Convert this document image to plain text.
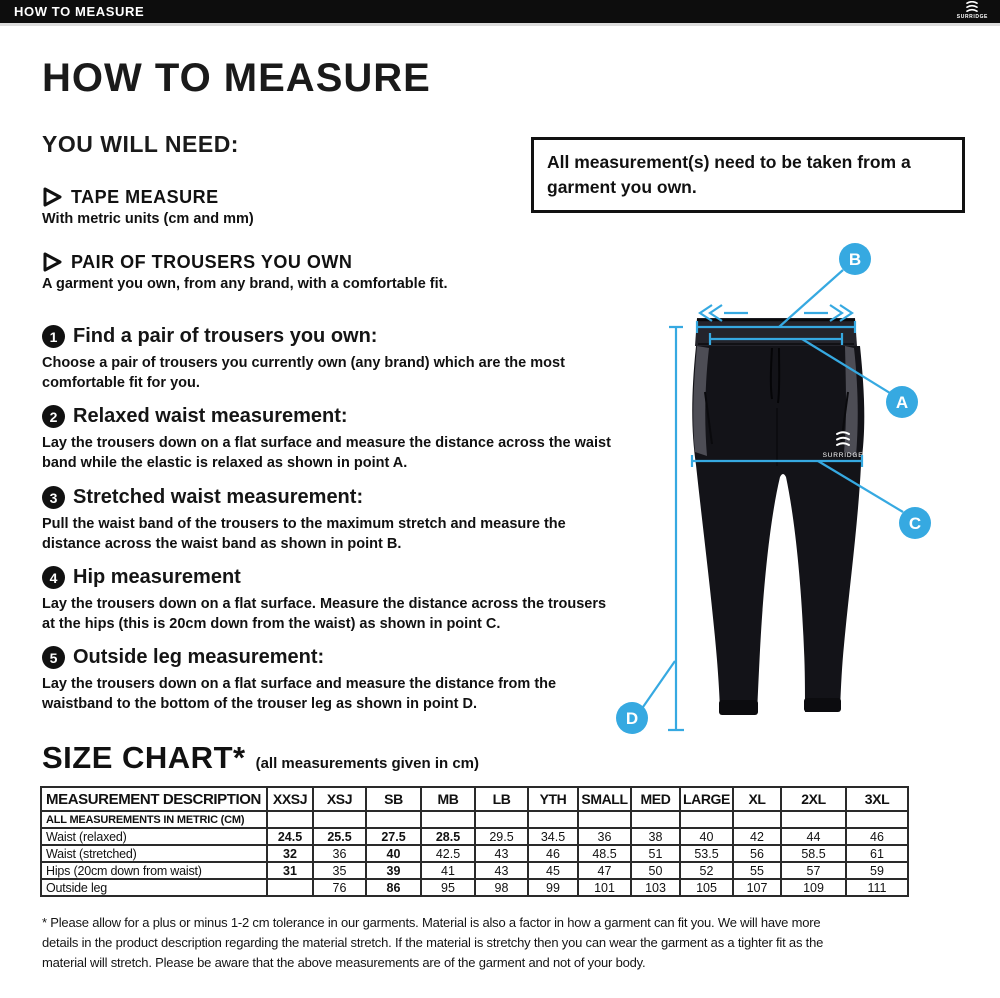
HOW TO MEASURE	SURRIDGE
HOW TO MEASURE
YOU WILL NEED:
TAPE MEASURE
With metric units (cm and mm)
PAIR OF TROUSERS YOU OWN
A garment you own, from any brand, with a comfortable fit.
All measurement(s) need to be taken from a garment you own.
1 Find a pair of trousers you own:
Choose a pair of trousers you currently own (any brand) which are the most comfortable fit for you.
2 Relaxed waist measurement:
Lay the trousers down on a flat surface and measure the distance across the waist band while the elastic is relaxed as shown in point A.
3 Stretched waist measurement:
Pull the waist band of the trousers to the maximum stretch and measure the distance across the waist band as shown in point B.
4 Hip measurement
Lay the trousers down on a flat surface. Measure the distance across the trousers at the hips (this is 20cm down from the waist) as shown in point C.
5 Outside leg measurement:
Lay the trousers down on a flat surface and measure the distance from the waistband to the bottom of the trouser leg as shown in point D.
SURRIDGE
B
A
C
D
SIZE CHART* (all measurements given in cm)
MEASUREMENT DESCRIPTION	XXSJ	XSJ	SB	MB	LB	YTH	SMALL	MED	LARGE	XL	2XL	3XL
ALL MEASUREMENTS IN METRIC (CM)												
Waist (relaxed)	24.5	25.5	27.5	28.5	29.5	34.5	36	38	40	42	44	46
Waist (stretched)	32	36	40	42.5	43	46	48.5	51	53.5	56	58.5	61
Hips (20cm down from waist)	31	35	39	41	43	45	47	50	52	55	57	59
Outside leg		76	86	95	98	99	101	103	105	107	109	111
* Please allow for a plus or minus 1-2 cm tolerance in our garments. Material is also a factor in how a garment can fit you. We will have more details in the product description regarding the material stretch. If the material is stretchy then you can wear the garment as a tighter fit as the material will stretch. Please be aware that the above measurements are of the garment and not of your body.
